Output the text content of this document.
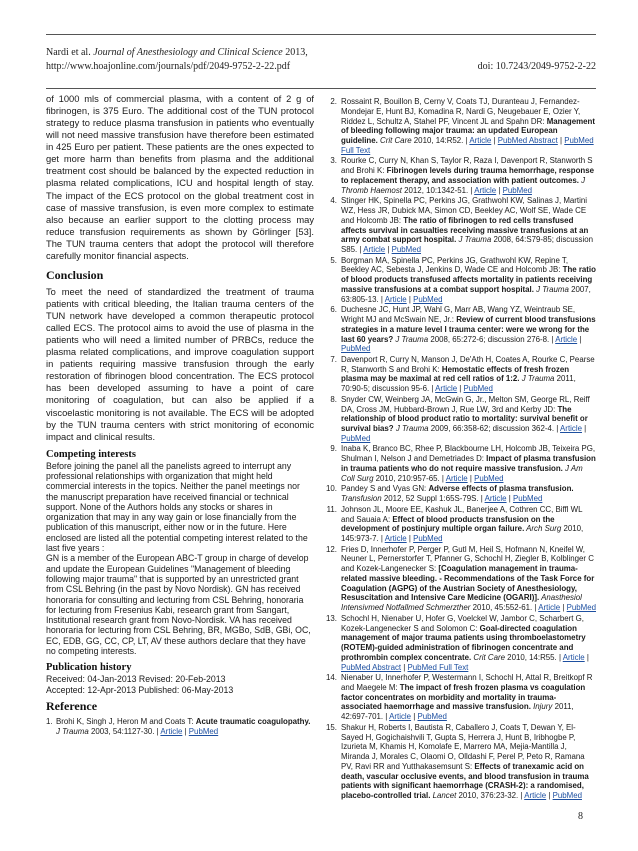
Nardi et al. Journal of Anesthesiology and Clinical Science 2013,
http://www.hoajonline.com/journals/pdf/2049-9752-2-22.pdf	doi: 10.7243/2049-9752-2-22

of 1000 mls of commercial plasma, with a content of 2 g of fibrinogen, is 375 Euro. The additional cost of the TUN protocol strategy to reduce plasma transfusion in patients who eventually will not need massive transfusion have therefore been estimated in 425 Euro per patient. These patients are the ones expected to get more harm than benefits from plasma and the additional treatment cost should be balanced by the expected reduction in plasma related complications, ICU and hospital length of stay. The impact of the ECS protocol on the global treatment cost in case of massive transfusion, is even more complex to estimate also because an earlier support to the clotting process may reduce transfusion requirements as shown by Görlinger [53]. The TUN trauma centers that adopt the protocol will therefore carefully monitor financial aspects.

Conclusion

To meet the need of standardized the treatment of trauma patients with critical bleeding, the Italian trauma centers of the TUN network have developed a common therapeutic protocol called ECS. The protocol aims to avoid the use of plasma in the patients who will need a limited number of PRBCs, reduce the plasma related complications, and improve coagulation support in patients requiring massive transfusion through the early restoration of fibrinogen blood concentration. The ECS protocol has been developed assuming to have a point of care monitoring of coagulation, but can also be applied if a viscoelastic monitoring is not available. The ECS will be adopted by the TUN trauma centers with strict monitoring of economic impact and clinical results.

Competing interests

Before joining the panel all the panelists agreed to interrupt any professional relationships with organization that might held commercial interests in the topics. Neither the panel meetings nor the manuscript preparation have received financial or technical support. None of the Authors holds any stocks or shares in organization that may in any way gain or lose financially from the publication of this manuscript, either now or in the future. Here enclosed are listed all the potential competing interest related to the last five years :

GN is a member of the European ABC-T group in charge of develop and update the European Guidelines "Management of bleeding following major trauma" that is supported by an unrestricted grant from CSL Behring (in the past by Novo Nordisk). GN has received honoraria for consulting and lecturing from CSL Behring, honoraria for lecturing from Fresenius Kabi, research grant from Sangart, Institutional research grant from Novo-Nordisk. VA has received honoraria for lecturing from CSL Behring, BR, MGBo, SdB, GBi, OC, EC, EDB, GG, CC, CP, LT, AV these authors declare that they have no competing interests.

Publication history

Received: 04-Jan-2013 Revised: 20-Feb-2013

Accepted: 12-Apr-2013 Published: 06-May-2013

Reference
1. Brohi K, Singh J, Heron M and Coats T: Acute traumatic coagulopathy. J Trauma 2003, 54:1127-30. | Article | PubMed
2. Rossaint R, Bouillon B, Cerny V, Coats TJ, Duranteau J, Fernandez-Mondejar E, Hunt BJ, Komadina R, Nardi G, Neugebauer E, Ozier Y, Riddez L, Schultz A, Stahel PF, Vincent JL and Spahn DR: Management of bleeding following major trauma: an updated European guideline. Crit Care 2010, 14:R52. | Article | PubMed Abstract | PubMed Full Text
3. Rourke C, Curry N, Khan S, Taylor R, Raza I, Davenport R, Stanworth S and Brohi K: Fibrinogen levels during trauma hemorrhage, response to replacement therapy, and association with patient outcomes. J Thromb Haemost 2012, 10:1342-51. | Article | PubMed
4. Stinger HK, Spinella PC, Perkins JG, Grathwohl KW, Salinas J, Martini WZ, Hess JR, Dubick MA, Simon CD, Beekley AC, Wolf SE, Wade CE and Holcomb JB: The ratio of fibrinogen to red cells transfused affects survival in casualties receiving massive transfusions at an army combat support hospital. J Trauma 2008, 64:S79-85; discussion S85. | Article | PubMed
5. Borgman MA, Spinella PC, Perkins JG, Grathwohl KW, Repine T, Beekley AC, Sebesta J, Jenkins D, Wade CE and Holcomb JB: The ratio of blood products transfused affects mortality in patients receiving massive transfusions at a combat support hospital. J Trauma 2007, 63:805-13. | Article | PubMed
6. Duchesne JC, Hunt JP, Wahl G, Marr AB, Wang YZ, Weintraub SE, Wright MJ and McSwain NE, Jr.: Review of current blood transfusions strategies in a mature level I trauma center: were we wrong for the last 60 years? J Trauma 2008, 65:272-6; discussion 276-8. | Article | PubMed
7. Davenport R, Curry N, Manson J, De'Ath H, Coates A, Rourke C, Pearse R, Stanworth S and Brohi K: Hemostatic effects of fresh frozen plasma may be maximal at red cell ratios of 1:2. J Trauma 2011, 70:90-5; discussion 95-6. | Article | PubMed
8. Snyder CW, Weinberg JA, McGwin G, Jr., Melton SM, George RL, Reiff DA, Cross JM, Hubbard-Brown J, Rue LW, 3rd and Kerby JD: The relationship of blood product ratio to mortality: survival benefit or survival bias? J Trauma 2009, 66:358-62; discussion 362-4. | Article | PubMed
9. Inaba K, Branco BC, Rhee P, Blackbourne LH, Holcomb JB, Teixeira PG, Shulman I, Nelson J and Demetriades D: Impact of plasma transfusion in trauma patients who do not require massive transfusion. J Am Coll Surg 2010, 210:957-65. | Article | PubMed
10. Pandey S and Vyas GN: Adverse effects of plasma transfusion. Transfusion 2012, 52 Suppl 1:65S-79S. | Article | PubMed
11. Johnson JL, Moore EE, Kashuk JL, Banerjee A, Cothren CC, Biffl WL and Sauaia A: Effect of blood products transfusion on the development of postinjury multiple organ failure. Arch Surg 2010, 145:973-7. | Article | PubMed
12. Fries D, Innerhofer P, Perger P, Gutl M, Heil S, Hofmann N, Kneifel W, Neuner L, Pernerstorfer T, Pfanner G, Schochl H, Ziegler B, Kolblinger C and Kozek-Langenecker S: [Coagulation management in trauma-related massive bleeding. - Recommendations of the Task Force for Coagulation (AGPG) of the Austrian Society of Anesthesiology, Resuscitation and Intensive Care Medicine (OGARI)]. Anasthesiol Intensivmed Notfallmed Schmerzther 2010, 45:552-61. | Article | PubMed
13. Schochl H, Nienaber U, Hofer G, Voelckel W, Jambor C, Scharbert G, Kozek-Langenecker S and Solomon C: Goal-directed coagulation management of major trauma patients using thromboelastometry (ROTEM)-guided administration of fibrinogen concentrate and prothrombin complex concentrate. Crit Care 2010, 14:R55. | Article | PubMed Abstract | PubMed Full Text
14. Nienaber U, Innerhofer P, Westermann I, Schochl H, Attal R, Breitkopf R and Maegele M: The impact of fresh frozen plasma vs coagulation factor concentrates on morbidity and mortality in trauma-associated haemorrhage and massive transfusion. Injury 2011, 42:697-701. | Article | PubMed
15. Shakur H, Roberts I, Bautista R, Caballero J, Coats T, Dewan Y, El-Sayed H, Gogichaishvili T, Gupta S, Herrera J, Hunt B, Iribhogbe P, Izurieta M, Khamis H, Komolafe E, Marrero MA, Mejia-Mantilla J, Miranda J, Morales C, Olaomi O, Olldashi F, Perel P, Peto R, Ramana PV, Ravi RR and Yutthakasemsunt S: Effects of tranexamic acid on death, vascular occlusive events, and blood transfusion in trauma patients with significant haemorrhage (CRASH-2): a randomised, placebo-controlled trial. Lancet 2010, 376:23-32. | Article | PubMed
8
